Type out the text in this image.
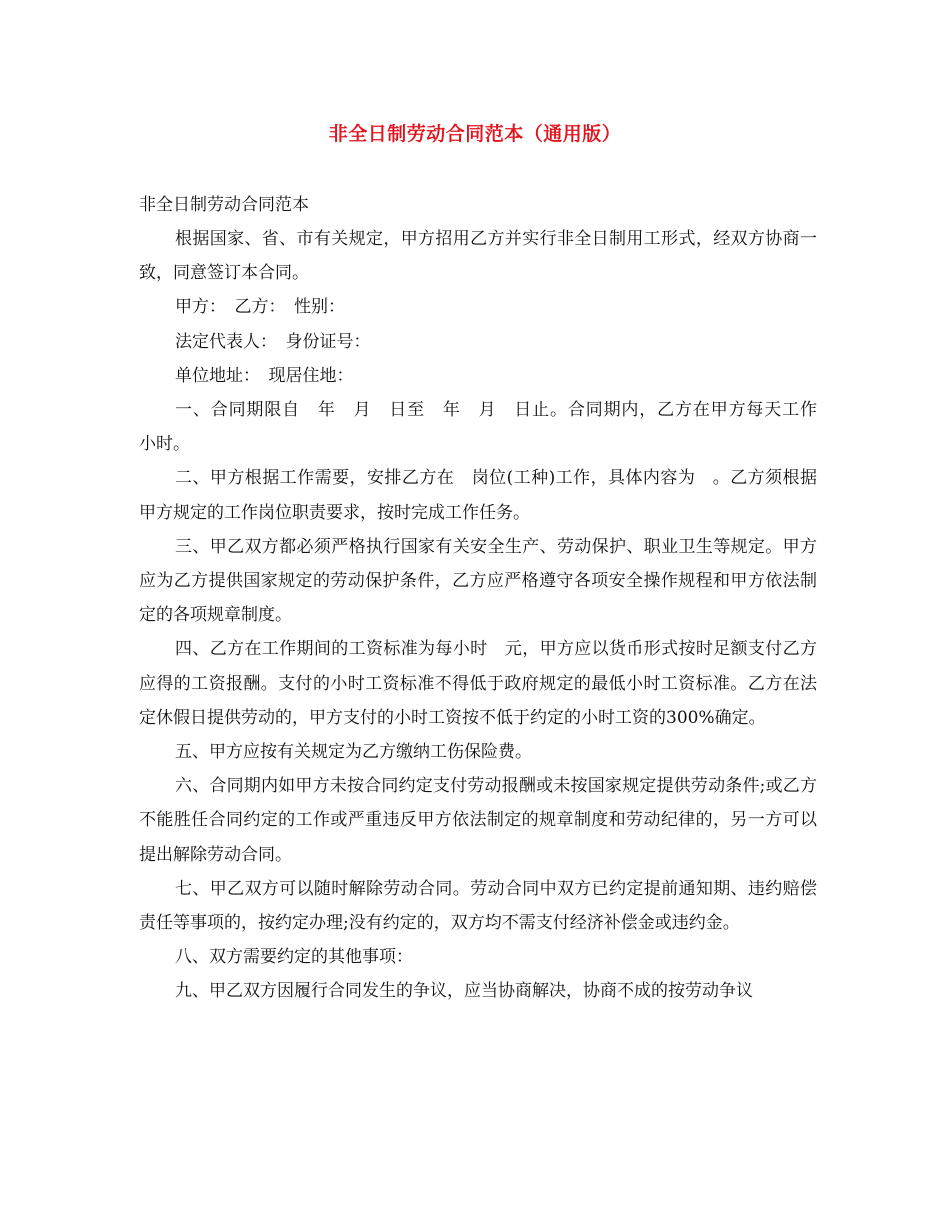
非全日制劳动合同范本（通用版）

非全日制劳动合同范本

根据国家、省、市有关规定，甲方招用乙方并实行非全日制用工形式，经双方协商一致，同意签订本合同。

甲方：　乙方：　性别：

法定代表人：　身份证号：

单位地址：　现居住地：

一、合同期限自　年　月　日至　年　月　日止。合同期内，乙方在甲方每天工作　小时。

二、甲方根据工作需要，安排乙方在　岗位(工种)工作，具体内容为　。乙方须根据甲方规定的工作岗位职责要求，按时完成工作任务。

三、甲乙双方都必须严格执行国家有关安全生产、劳动保护、职业卫生等规定。甲方应为乙方提供国家规定的劳动保护条件，乙方应严格遵守各项安全操作规程和甲方依法制定的各项规章制度。

四、乙方在工作期间的工资标准为每小时　元，甲方应以货币形式按时足额支付乙方应得的工资报酬。支付的小时工资标准不得低于政府规定的最低小时工资标准。乙方在法定休假日提供劳动的，甲方支付的小时工资按不低于约定的小时工资的300%确定。

五、甲方应按有关规定为乙方缴纳工伤保险费。

六、合同期内如甲方未按合同约定支付劳动报酬或未按国家规定提供劳动条件;或乙方不能胜任合同约定的工作或严重违反甲方依法制定的规章制度和劳动纪律的，另一方可以提出解除劳动合同。

七、甲乙双方可以随时解除劳动合同。劳动合同中双方已约定提前通知期、违约赔偿责任等事项的，按约定办理;没有约定的，双方均不需支付经济补偿金或违约金。

八、双方需要约定的其他事项：

九、甲乙双方因履行合同发生的争议，应当协商解决，协商不成的按劳动争议
